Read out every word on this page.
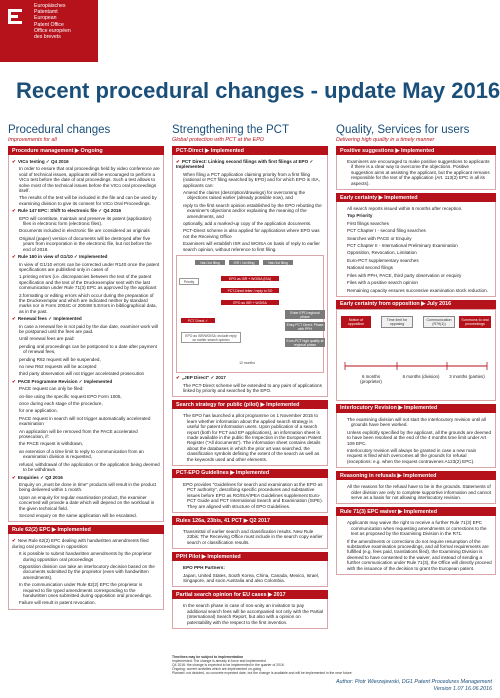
Europäisches
Patentamt
European
Patent Office
Office européen
des brevets
Recent procedural changes - update May 2016
Procedural changes
Improvements for all
Procedure management ▶ Ongoing
✔ VICo testing ✓ Q4 2016
In order to ensure that oral proceedings held by video conference are void of technical issues, applicants will be encouraged to perform a VICo test before the date of oral proceedings. Such a test allows to solve most of the technical issues before the VICo oral proceedings itself.
The results of the test will be included in the file and can be used by examining division to give its consent for VICo Oral Proceedings.
✔ Rule 147 EPC: Shift to electronic file ✓ Q4 2016
EPO will constitute, maintain and preserve its patent (application) files in electronic form (electronic files).
Documents included in electronic file are considered as originals
Original (paper) version of documents will be destroyed after five years from incorporation in the electronic file, but not before the end of 2018.
✔ Rule 160 in view of G1/10 ✓ Implemented
In view of G1/10 errors can be corrected under R140 once the patent specifications are published only in cases of
1.printing errors (i.e. discrepancies between the text of the patent specification and the text of the Druckexemplar sent with the last communication under Rule 71(3) EPC as approved by the applicant
2.formatting or editing errors which occur during the preparation of the Druckexemplar and which are indicated neither by standard marks nor in Form 2004C or 2004W 5.Errors in bibliographical data, as in the past.
✔ Renewal fees ✓ Implemented
In case a renewal fee is not paid by the due date, examiner work will be postponed until the fees are paid.
Until renewal fees are paid:
pending oral proceedings can be postponed to a date after payment of renewal fees,
pending R62 request will be suspended,
no new R62 requests will be accepted
third party observation will not trigger accelerated prosecution
✔ PACE Programme Revision ✓ Implemented
PACE request can only be filed:
on-line using the specific request EPO Form 1005,
once during each stage of the procedure,
for one application.
PACE request in search will not trigger automatically accelerated examination
An application will be removed from the PACE accelerated prosecution, if:
the PACE request is withdrawn,
an extension of a time limit to reply to communication from an examination division is requested,
refusal, withdrawal of the application or the application being deemed to be withdrawn.
✔ Enquiries ✓ Q3 2016
Enquiry on „must be done in time" products will result in the product being delivered within 1 month.
Upon an enquiry for regular examination product, the examiner concerned will provide a date which will depend on the workload in the given technical field.
Second enquiry on the same application will be escalated.
Rule 62(2) EPC ▶ Implemented
✔ New Rule 62(2) EPC dealing with handwritten amendments filed during oral proceedings in opposition:
It is possible to submit handwritten amendments by the proprietor during opposition oral proceedings
Opposition division can take an interlocutory decision based on the documents submitted by the proprietor (even with handwritten amendments).
In the communication under Rule 82(2) EPC the proprietor is required to file typed amendments corresponding to the handwritten ones submitted during opposition oral proceedings.
Failure will result in patent revocation.
Strengthening the PCT
Global protection with PCT at the EPO
PCT-Direct ▶ Implemented
✔ PCT Direct: Linking second filings with first filings at EPO ✓ Implemented
When filing a PCT application claiming priority from a first filing (national or PCT filing searched by EPO) and for which EPO is ISA, applicants can:
Amend the claims (description/drawings) for overcoming the objections raised earlier (already possible now), and
reply to the first search opinion established by the EPO rebutting the examiner's objections and/or explaining the meaning of the amendments, and
optionally, add a marked-up copy of the application documents.
PCT-Direct scheme is also applied for applications where EPO was not the Receiving Office
Examiners will establish ISR and WOISA on basis of reply to earlier search opinion, without reference to first filing.
Nat./1st filing	ISR / 1st filing	Nat./1st filing
Priority
EPO as ISR + WOISA (ISA)
PCT-Direct letter / reply to SO
EPO as ISR + WOISA
Enter EPO regional phase
Entry PCT Direct: Phase with PPH
Euro-PCT high quality at regional phase
PCT Direct ✓
EPO as ISR/WOISA: include reply on earlier search opinion
12 months
✔ „JEP Direct" ✓ 2017
The PCT-Direct scheme will be extended to any pairs of applications linked by priority and searched by the EPO.
Search strategy for public (pilot) ▶ Implemented
The EPO has launched a pilot programme on 1 November 2015 to learn whether information about the applied search strategy is useful for patent information users. Upon publication of a search report (both for PCT and EP applications), an information sheet is made available in the public file Inspection in the European Patent Register ("All documents"). The information sheet contains details about the databases in which the prior art was searched, the classification symbols defining the extent of the search as well as the keywords used and other elements.
PCT-EPO Guidelines ▶ Implemented
EPO provides "Guidelines for search and examination at the EPO as PCT authority", describing specific procedures and substantive issues before EPO as RO/ISA/IPEA Guidelines supplement Euro-PCT Guide and PCT International Search and Examination (ISPE). They are aligned with structure of EPO Guidelines.
Rules 126a, 23bis, 41 PCT ▶ Q2 2017
Transmittal of earlier search and classification results. New Rule 23bis: The Receiving Office must include in the search copy earlier search or classification results.
PPH Pilot ▶ Implemented
EPO PPH Partners:
Japan, United States, South Korea, China, Canada, Mexico, Israel, Singapore, and soon Australia and also Colombia.
Partial search opinion for EU cases ▶ 2017
In the search phase in case of non-unity an invitation to pay additional search fees will be accompanied not only with the Partial (International) Search Report, but also with a opinion on patentability with the respect to the first invention.
Quality, Services for users
Delivering high quality in a timely manner
Positive suggestions ▶ Implemented
Examiners are encouraged to make positive suggestions to applicants if there is a clear way to overcome the objections. Positive suggestion aims at assisting the applicant, but the applicant remains responsible for the text of the application (Art. 113(2) EPC in all its aspects).
Early certainty ▶ Implemented
All search reports issued within 6 months after reception.
Top Priority
First filings searches
PCT Chapter I - second filing searches
Searches with PACE or Enquiry
PCT Chapter II - International Preliminary Examination
Opposition, Revocation, Limitation
Euro-PCT supplementary searches
National second filings
Files with PPH, PACE, third party observation or enquiry
Files with a positive search opinion
Remaining capacity ensures successive examination stock reduction.
Early certainty from opposition ▶ July 2016
Notice of opposition
Time limit for opposing
Communication (R79(1))
Summons to oral proceedings
6 months (proprieter)
6 months (division)	3 months (parties)
Interlocutory Revision ▶ Implemented
The examining division will not start the interlocutory revision until all grounds have been worked.
Unless explicitly specified by the applicant, all the grounds are deemed to have been resolved at the end of the 4 months time limit under Art 109 EPC.
Interlocutory revision will always be granted in case a new main request is filed which overcomes all the grounds for refusal (exceptions: e.g. when the request contravenes A123(2) EPC).
Reasoning in refusals ▶ Implemented
All the reasons for the refusal have to be in the grounds. Statements of older division are only to complete supportive information and cannot serve as a basis for not allowing interlocutory revision.
Rule 71(3) EPC waiver ▶ Implemented
Applicants may waive the right to receive a further Rule 71(3) EPC communication when requesting amendments or corrections to the text as proposed by the Examining Division in the R71.
If the amendments or corrections do not require resumption of the substantive examination proceedings, and all formal requirements are fulfilled (e.g. fees paid, translations filed), the Examining Division is deemed to have consented to the waiver, and instead of sending a further communication under Rule 71(3), the Office will directly proceed with the issuance of the decision to grant the European patent.
Timelines may be subject to implementation
Implemented: The change is already in force and implemented
Q4 2016: the change is expected to be implemented in the quarter of 2016
Ongoing: current activities which are implemented on-going
Planned: not decided, no concrete expected date, but the change is available and will be implemented in the near future
Author: Piotr Wierzejewski, DG1 Patent Procedures Management
Version 1.07 16.06.2016
